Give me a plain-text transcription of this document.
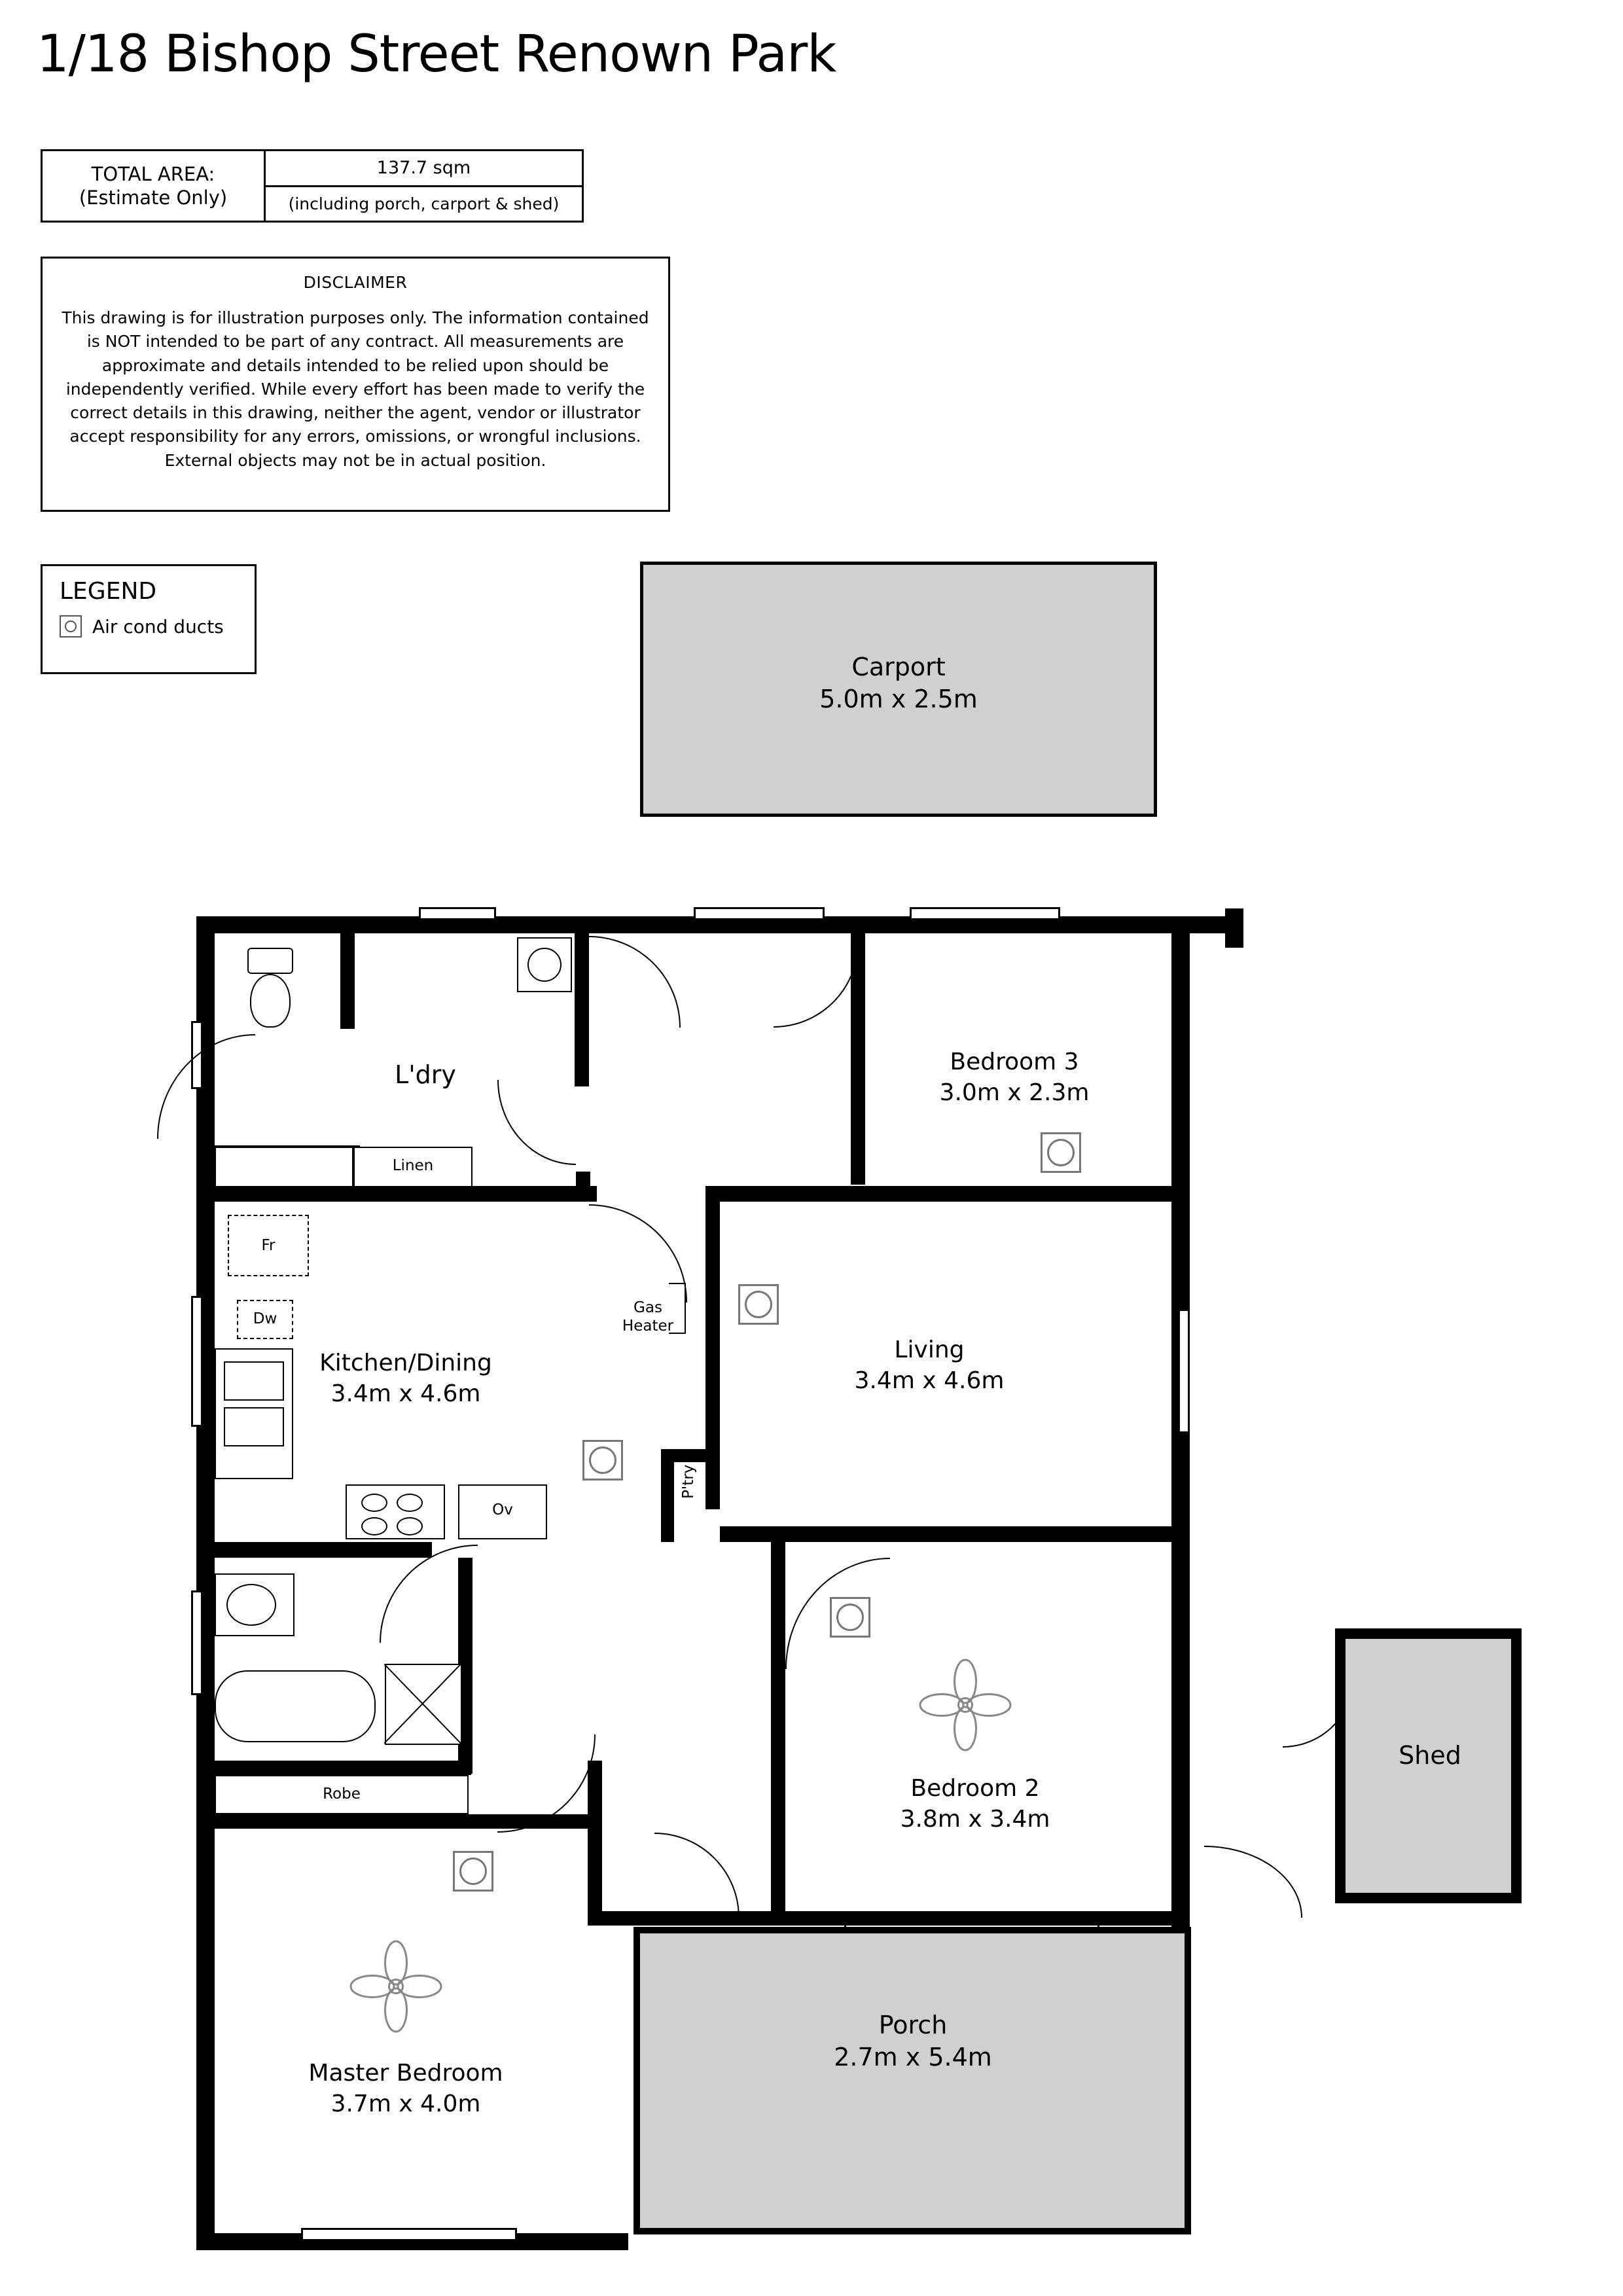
1/18 Bishop Street Renown Park
TOTAL AREA:
(Estimate Only)
137.7 sqm
(including porch, carport & shed)
DISCLAIMER
This drawing is for illustration purposes only. The information contained is NOT intended to be part of any contract. All measurements are approximate and details intended to be relied upon should be independently verified. While every effort has been made to verify the correct details in this drawing, neither the agent, vendor or illustrator accept responsibility for any errors, omissions, or wrongful inclusions. External objects may not be in actual position.
LEGEND
Air cond ducts
Carport
5.0m x 2.5m
Linen
Fr
Dw
Ov
Robe
P'try
Gas
Heater
L'dry	Bedroom 3
3.0m x 2.3m
Kitchen/Dining
3.4m x 4.6m
Living
3.4m x 4.6m
Bedroom 2
3.8m x 3.4m
Master Bedroom
3.7m x 4.0m
Porch
2.7m x 5.4m
Shed
